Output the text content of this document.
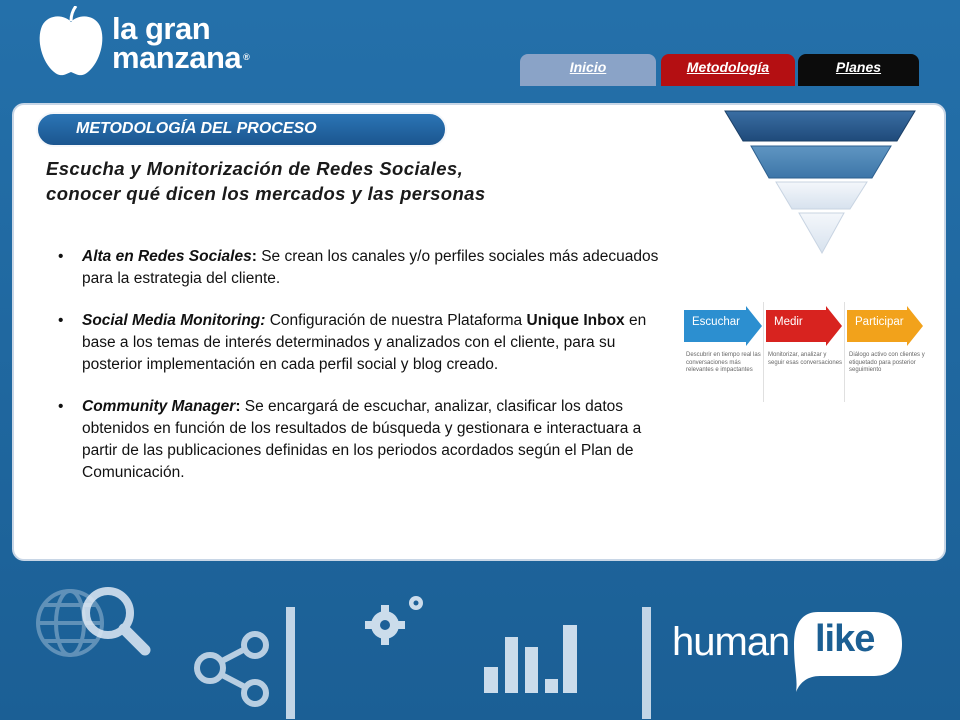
la gran
manzana ®
Inicio	Metodología	Planes
METODOLOGÍA DEL PROCESO
Escucha y Monitorización de Redes Sociales,
conocer qué dicen los mercados y las personas
• Alta en Redes Sociales: Se crean los canales y/o perfiles sociales más adecuados para la estrategia del cliente.
• Social Media Monitoring: Configuración de nuestra Plataforma Unique Inbox en base a los temas de interés determinados y analizados con el cliente, para su posterior implementación en cada perfil social y blog creado.
• Community Manager: Se encargará de escuchar, analizar, clasificar los datos obtenidos en función de los resultados de búsqueda y gestionara e interactuara a partir de las publicaciones definidas en los periodos acordados según el Plan de Comunicación.
Escuchar
Descubrir en tiempo real las conversaciones más relevantes e impactantes
Medir
Monitorizar, analizar y seguir esas conversaciones
Participar
Diálogo activo con clientes y etiquetado para posterior seguimiento
human like
